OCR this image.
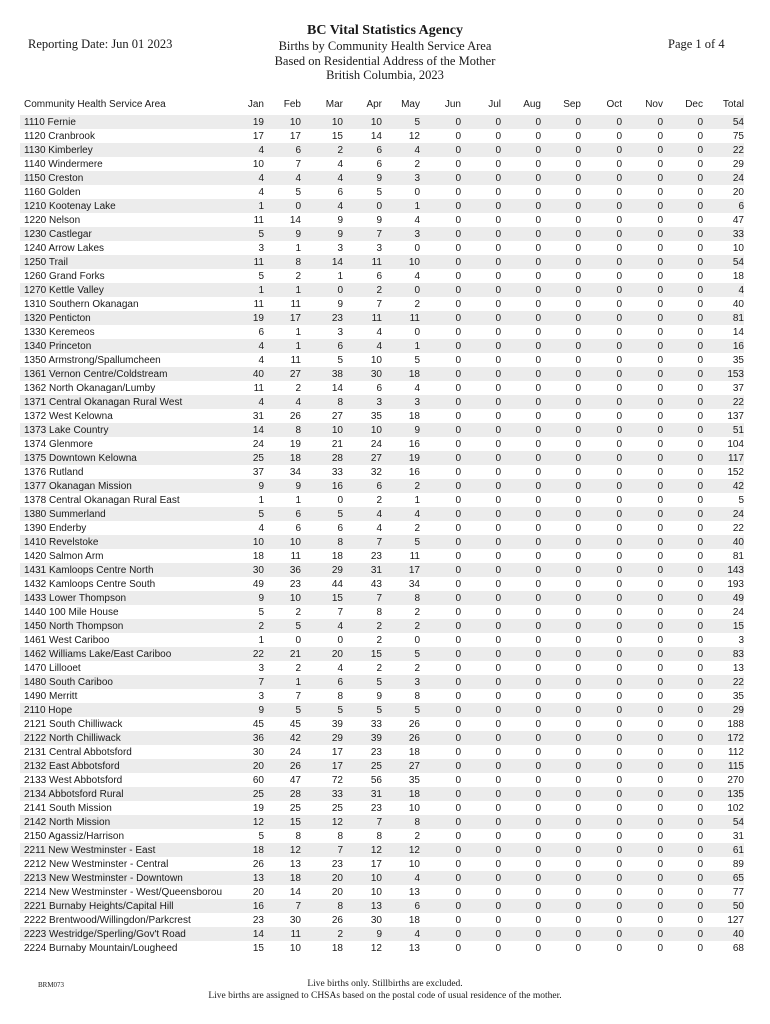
Reporting Date: Jun 01 2023
BC Vital Statistics Agency
Births by Community Health Service Area
Based on Residential Address of the Mother
British Columbia, 2023
Page 1 of 4
Community Health Service Area	Jan	Feb	Mar	Apr	May	Jun	Jul	Aug	Sep	Oct	Nov	Dec	Total
1110 Fernie	19	10	10	10	5	0	0	0	0	0	0	0	54
1120 Cranbrook	17	17	15	14	12	0	0	0	0	0	0	0	75
1130 Kimberley	4	6	2	6	4	0	0	0	0	0	0	0	22
1140 Windermere	10	7	4	6	2	0	0	0	0	0	0	0	29
1150 Creston	4	4	4	9	3	0	0	0	0	0	0	0	24
1160 Golden	4	5	6	5	0	0	0	0	0	0	0	0	20
1210 Kootenay Lake	1	0	4	0	1	0	0	0	0	0	0	0	6
1220 Nelson	11	14	9	9	4	0	0	0	0	0	0	0	47
1230 Castlegar	5	9	9	7	3	0	0	0	0	0	0	0	33
1240 Arrow Lakes	3	1	3	3	0	0	0	0	0	0	0	0	10
1250 Trail	11	8	14	11	10	0	0	0	0	0	0	0	54
1260 Grand Forks	5	2	1	6	4	0	0	0	0	0	0	0	18
1270 Kettle Valley	1	1	0	2	0	0	0	0	0	0	0	0	4
1310 Southern Okanagan	11	11	9	7	2	0	0	0	0	0	0	0	40
1320 Penticton	19	17	23	11	11	0	0	0	0	0	0	0	81
1330 Keremeos	6	1	3	4	0	0	0	0	0	0	0	0	14
1340 Princeton	4	1	6	4	1	0	0	0	0	0	0	0	16
1350 Armstrong/Spallumcheen	4	11	5	10	5	0	0	0	0	0	0	0	35
1361 Vernon Centre/Coldstream	40	27	38	30	18	0	0	0	0	0	0	0	153
1362 North Okanagan/Lumby	11	2	14	6	4	0	0	0	0	0	0	0	37
1371 Central Okanagan Rural West	4	4	8	3	3	0	0	0	0	0	0	0	22
1372 West Kelowna	31	26	27	35	18	0	0	0	0	0	0	0	137
1373 Lake Country	14	8	10	10	9	0	0	0	0	0	0	0	51
1374 Glenmore	24	19	21	24	16	0	0	0	0	0	0	0	104
1375 Downtown Kelowna	25	18	28	27	19	0	0	0	0	0	0	0	117
1376 Rutland	37	34	33	32	16	0	0	0	0	0	0	0	152
1377 Okanagan Mission	9	9	16	6	2	0	0	0	0	0	0	0	42
1378 Central Okanagan Rural East	1	1	0	2	1	0	0	0	0	0	0	0	5
1380 Summerland	5	6	5	4	4	0	0	0	0	0	0	0	24
1390 Enderby	4	6	6	4	2	0	0	0	0	0	0	0	22
1410 Revelstoke	10	10	8	7	5	0	0	0	0	0	0	0	40
1420 Salmon Arm	18	11	18	23	11	0	0	0	0	0	0	0	81
1431 Kamloops Centre North	30	36	29	31	17	0	0	0	0	0	0	0	143
1432 Kamloops Centre South	49	23	44	43	34	0	0	0	0	0	0	0	193
1433 Lower Thompson	9	10	15	7	8	0	0	0	0	0	0	0	49
1440 100 Mile House	5	2	7	8	2	0	0	0	0	0	0	0	24
1450 North Thompson	2	5	4	2	2	0	0	0	0	0	0	0	15
1461 West Cariboo	1	0	0	2	0	0	0	0	0	0	0	0	3
1462 Williams Lake/East Cariboo	22	21	20	15	5	0	0	0	0	0	0	0	83
1470 Lillooet	3	2	4	2	2	0	0	0	0	0	0	0	13
1480 South Cariboo	7	1	6	5	3	0	0	0	0	0	0	0	22
1490 Merritt	3	7	8	9	8	0	0	0	0	0	0	0	35
2110 Hope	9	5	5	5	5	0	0	0	0	0	0	0	29
2121 South Chilliwack	45	45	39	33	26	0	0	0	0	0	0	0	188
2122 North Chilliwack	36	42	29	39	26	0	0	0	0	0	0	0	172
2131 Central Abbotsford	30	24	17	23	18	0	0	0	0	0	0	0	112
2132 East Abbotsford	20	26	17	25	27	0	0	0	0	0	0	0	115
2133 West Abbotsford	60	47	72	56	35	0	0	0	0	0	0	0	270
2134 Abbotsford Rural	25	28	33	31	18	0	0	0	0	0	0	0	135
2141 South Mission	19	25	25	23	10	0	0	0	0	0	0	0	102
2142 North Mission	12	15	12	7	8	0	0	0	0	0	0	0	54
2150 Agassiz/Harrison	5	8	8	8	2	0	0	0	0	0	0	0	31
2211 New Westminster - East	18	12	7	12	12	0	0	0	0	0	0	0	61
2212 New Westminster - Central	26	13	23	17	10	0	0	0	0	0	0	0	89
2213 New Westminster - Downtown	13	18	20	10	4	0	0	0	0	0	0	0	65
2214 New Westminster - West/Queensborou	20	14	20	10	13	0	0	0	0	0	0	0	77
2221 Burnaby Heights/Capital Hill	16	7	8	13	6	0	0	0	0	0	0	0	50
2222 Brentwood/Willingdon/Parkcrest	23	30	26	30	18	0	0	0	0	0	0	0	127
2223 Westridge/Sperling/Gov't Road	14	11	2	9	4	0	0	0	0	0	0	0	40
2224 Burnaby Mountain/Lougheed	15	10	18	12	13	0	0	0	0	0	0	0	68
BRM073	Live births only. Stillbirths are excluded.
Live births are assigned to CHSAs based on the postal code of usual residence of the mother.
